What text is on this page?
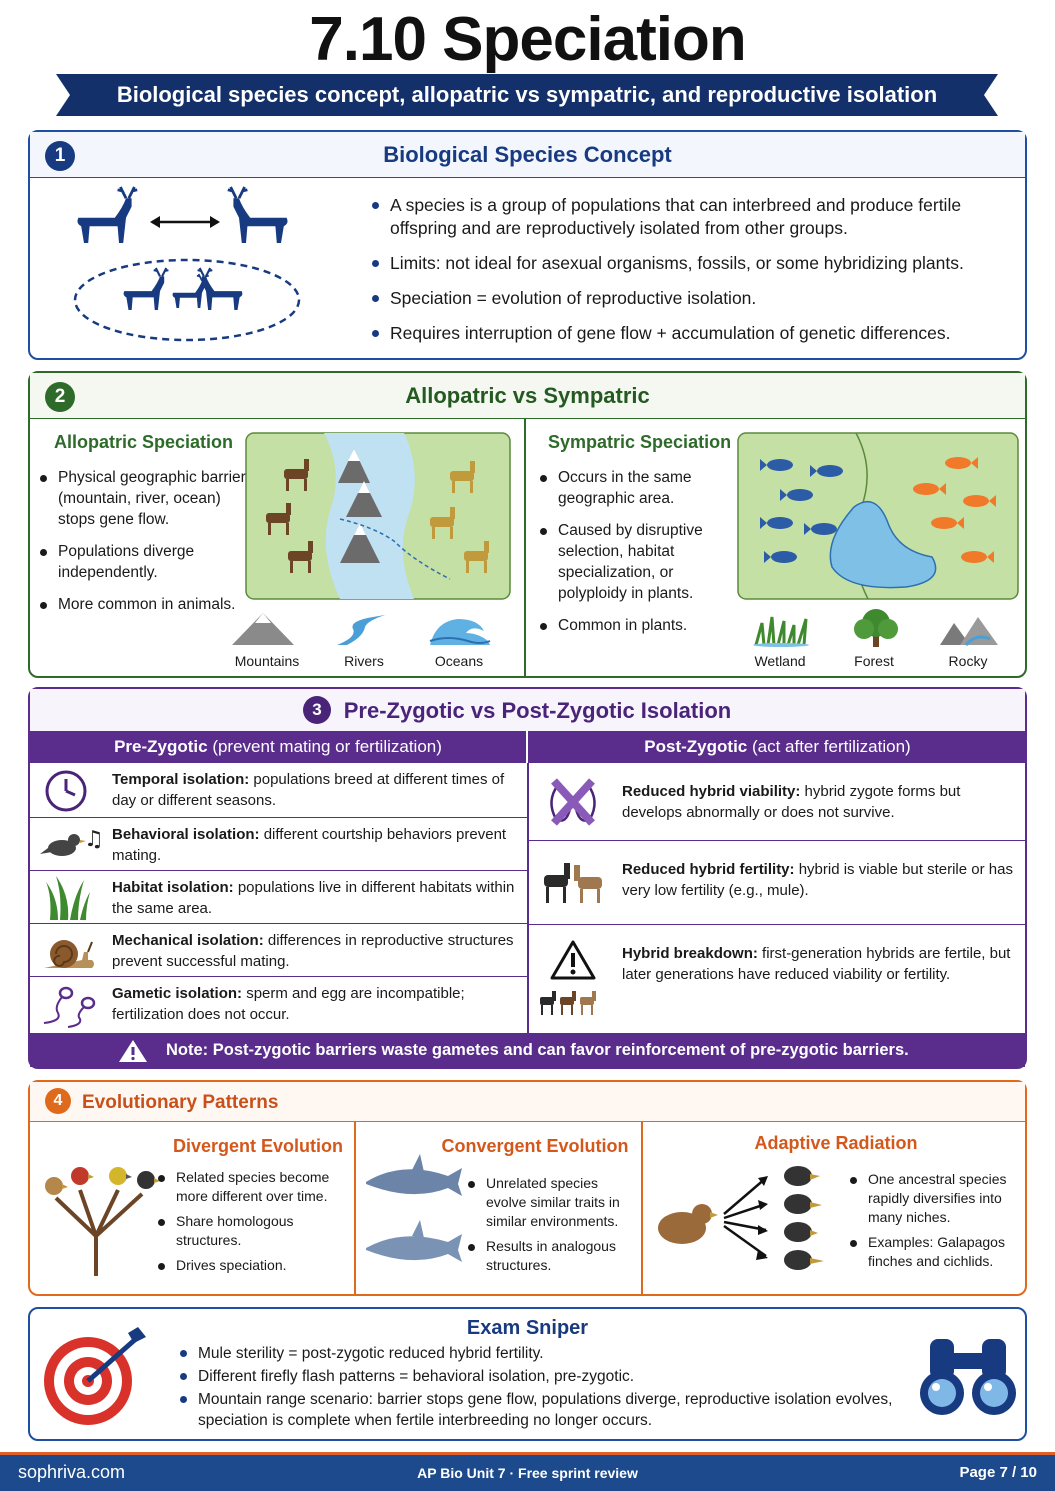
7.10 Speciation
Biological species concept, allopatric vs sympatric, and reproductive isolation
1	Biological Species Concept
A species is a group of populations that can interbreed and produce fertile offspring and are reproductively isolated from other groups.
Limits: not ideal for asexual organisms, fossils, or some hybridizing plants.
Speciation = evolution of reproductive isolation.
Requires interruption of gene flow + accumulation of genetic differences.
2	Allopatric vs Sympatric
Allopatric Speciation
Physical geographic barrier (mountain, river, ocean) stops gene flow.
Populations diverge independently.
More common in animals.
Mountains	Rivers	Oceans
Sympatric Speciation
Occurs in the same geographic area.
Caused by disruptive selection, habitat specialization, or polyploidy in plants.
Common in plants.
Wetland	Forest	Rocky
3	Pre-Zygotic vs Post-Zygotic Isolation
Pre-Zygotic (prevent mating or fertilization)	Post-Zygotic (act after fertilization)
Temporal isolation: populations breed at different times of day or different seasons.
♫ Behavioral isolation: different courtship behaviors prevent mating.
Habitat isolation: populations live in different habitats within the same area.
Mechanical isolation: differences in reproductive structures prevent successful mating.
Gametic isolation: sperm and egg are incompatible; fertilization does not occur.
Reduced hybrid viability: hybrid zygote forms but develops abnormally or does not survive.
Reduced hybrid fertility: hybrid is viable but sterile or has very low fertility (e.g., mule).
Hybrid breakdown: first-generation hybrids are fertile, but later generations have reduced viability or fertility.
Note: Post-zygotic barriers waste gametes and can favor reinforcement of pre-zygotic barriers.
4	Evolutionary Patterns
Divergent Evolution
Related species become more different over time.
Share homologous structures.
Drives speciation.
Convergent Evolution
Unrelated species evolve similar traits in similar environments.
Results in analogous structures.
Adaptive Radiation
One ancestral species rapidly diversifies into many niches.
Examples: Galapagos finches and cichlids.
Exam Sniper
Mule sterility = post-zygotic reduced hybrid fertility.
Different firefly flash patterns = behavioral isolation, pre-zygotic.
Mountain range scenario: barrier stops gene flow, populations diverge, reproductive isolation evolves, speciation is complete when fertile interbreeding no longer occurs.
sophriva.com	AP Bio Unit 7 · Free sprint review	Page 7 / 10
